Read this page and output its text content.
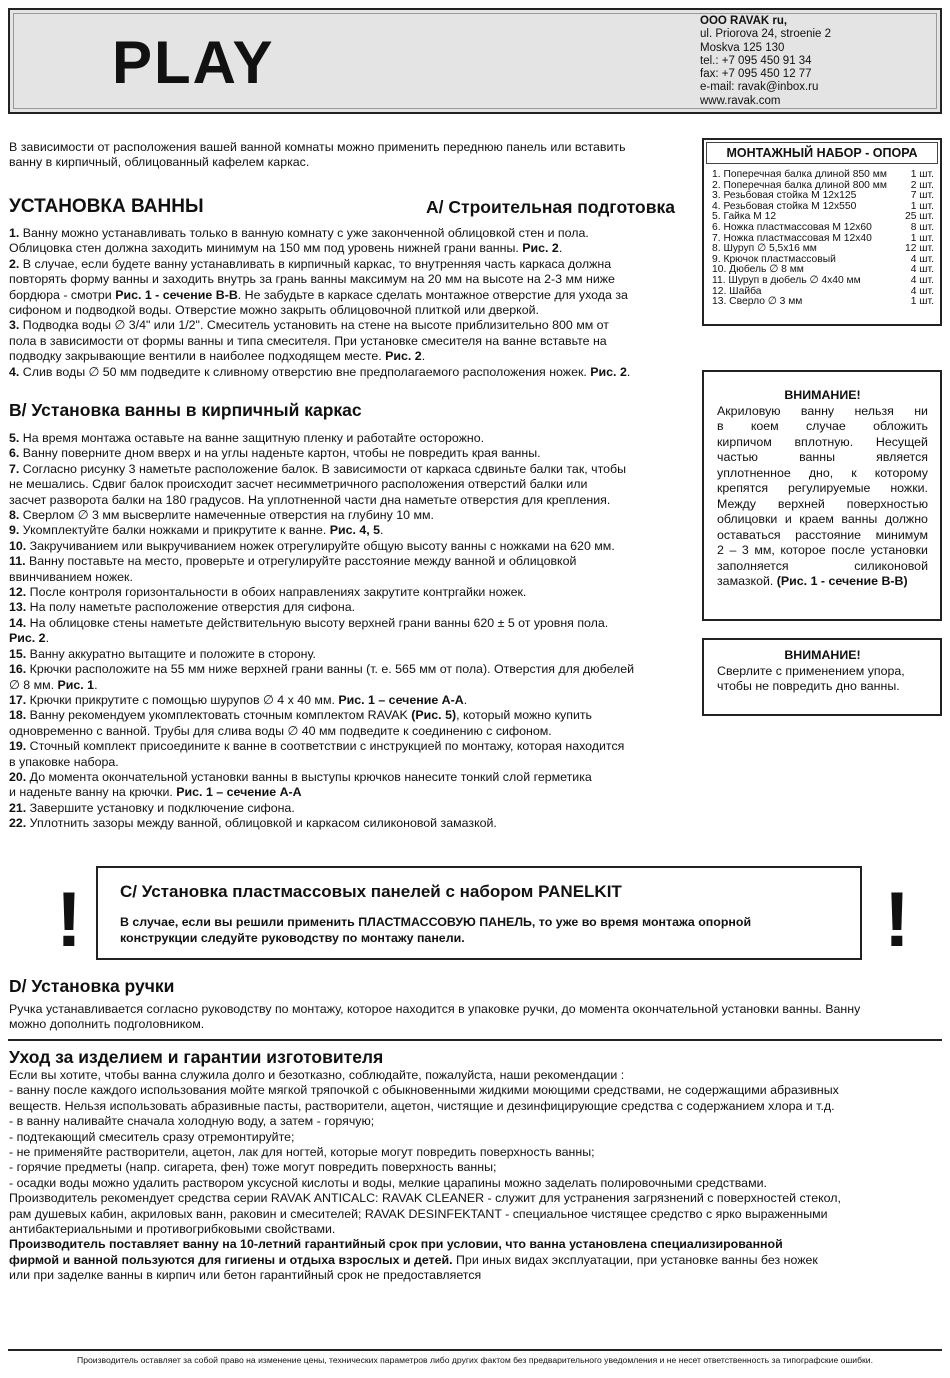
PLAY
OOO RAVAK ru,
ul. Priorova 24, stroenie 2
Moskva 125 130
tel.: +7 095 450 91 34
fax: +7 095 450 12 77
e-mail: ravak@inbox.ru
www.ravak.com
В зависимости от расположения вашей ванной комнаты можно применить переднюю панель или вставить
ванну в кирпичный, облицованный кафелем каркас.
УСТАНОВКА ВАННЫ	A/ Строительная подготовка
1. Ванну можно устанавливать только в ванную комнату с уже законченной облицовкой стен и пола.
Облицовка стен должна заходить минимум на 150 мм под уровень нижней грани ванны. Рис. 2.
2. В случае, если будете ванну устанавливать в кирпичный каркас, то внутренняя часть каркаса должна
повторять форму ванны и заходить внутрь за грань ванны максимум на 20 мм на высоте на 2-3 мм ниже
бордюра - смотри Рис. 1 - сечение В-В. Не забудьте в каркасе сделать монтажное отверстие для ухода за
сифоном и подводкой воды. Отверстие можно закрыть облицовочной плиткой или дверкой.
3. Подводка воды ∅ 3/4" или 1/2". Смеситель установить на стене на высоте приблизительно 800 мм от
пола в зависимости от формы ванны и типа смесителя. При установке смесителя на ванне вставьте на
подводку закрывающие вентили в наиболее подходящем месте. Рис. 2.
4. Слив воды ∅ 50 мм подведите к сливному отверстию вне предполагаемого расположения ножек. Рис. 2.
B/ Установка ванны в кирпичный каркас
5. На время монтажа оставьте на ванне защитную пленку и работайте осторожно.
6. Ванну поверните дном вверх и на углы наденьте картон, чтобы не повредить края ванны.
7. Согласно рисунку 3 наметьте расположение балок. В зависимости от каркаса сдвиньте балки так, чтобы
не мешались. Сдвиг балок происходит засчет несимметричного расположения отверстий балки или
засчет разворота балки на 180 градусов. На уплотненной части дна наметьте отверстия для крепления.
8. Сверлом ∅ 3 мм высверлите намеченные отверстия на глубину 10 мм.
9. Укомплектуйте балки ножками и прикрутите к ванне. Рис. 4, 5.
10. Закручиванием или выкручиванием ножек отрегулируйте общую высоту ванны с ножками на 620 мм.
11. Ванну поставьте на место, проверьте и отрегулируйте расстояние между ванной и облицовкой
ввинчиванием ножек.
12. После контроля горизонтальности в обоих направлениях закрутите контргайки ножек.
13. На полу наметьте расположение отверстия для сифона.
14. На облицовке стены наметьте действительную высоту верхней грани ванны 620 ± 5 от уровня пола.
Рис. 2.
15. Ванну аккуратно вытащите и положите в сторону.
16. Крючки расположите на 55 мм ниже верхней грани ванны (т. е. 565 мм от пола). Отверстия для дюбелей
∅ 8 мм. Рис. 1.
17. Крючки прикрутите с помощью шурупов ∅ 4 х 40 мм. Рис. 1 – сечение А-А.
18. Ванну рекомендуем укомплектовать сточным комплектом RAVAK (Рис. 5), который можно купить
одновременно с ванной. Трубы для слива воды ∅ 40 мм подведите к соединению с сифоном.
19. Сточный комплект присоедините к ванне в соответствии с инструкцией по монтажу, которая находится
в упаковке набора.
20. До момента окончательной установки ванны в выступы крючков нанесите тонкий слой герметика
и наденьте ванну на крючки. Рис. 1 – сечение А-А
21. Завершите установку и подключение сифона.
22. Уплотнить зазоры между ванной, облицовкой и каркасом силиконовой замазкой.
МОНТАЖНЫЙ НАБОР - ОПОРА
1. Поперечная балка длиной 850 мм 1 шт.
2. Поперечная балка длиной 800 мм 2 шт.
3. Резьбовая стойка М 12х125	7 шт.
4. Резьбовая стойка М 12х550	1 шт.
5. Гайка М 12	25 шт.
6. Ножка пластмассовая М 12х60	8 шт.
7. Ножка пластмассовая М 12х40	1 шт.
8. Шуруп ∅ 5,5х16 мм	12 шт.
9. Крючок пластмассовый	4 шт.
10. Дюбель ∅ 8 мм	4 шт.
11. Шуруп в дюбель ∅ 4х40 мм	4 шт.
12. Шайба	4 шт.
13. Сверло ∅ 3 мм	1 шт.
ВНИМАНИЕ!
Акриловую ванну нельзя ни
в коем случае обложить
кирпичом вплотную. Несущей
частью	ванны	является
уплотненное дно, к которому
крепятся регулируемые ножки.
Между верхней поверхностью
облицовки и краем ванны должно
оставаться расстояние минимум
2 – 3 мм, которое после установки
заполняется	силиконовой
замазкой. (Рис. 1 - сечение В-В)
ВНИМАНИЕ!
Сверлите с применением упора,
чтобы не повредить дно ванны.
!	!
C/ Установка пластмассовых панелей с набором PANELKIT
В случае, если вы решили применить ПЛАСТМАССОВУЮ ПАНЕЛЬ, то уже во время монтажа опорной
конструкции следуйте руководству по монтажу панели.
D/ Установка ручки
Ручка устанавливается согласно руководству по монтажу, которое находится в упаковке ручки, до момента окончательной установки ванны. Ванну
можно дополнить подголовником.
Уход за изделием и гарантии изготовителя
Если вы хотите, чтобы ванна служила долго и безотказно, соблюдайте, пожалуйста, наши рекомендации :
- ванну после каждого использования мойте мягкой тряпочкой с обыкновенными жидкими моющими средствами, не содержащими абразивных
веществ. Нельзя использовать абразивные пасты, растворители, ацетон, чистящие и дезинфицирующие средства с содержанием хлора и т.д.
- в ванну наливайте сначала холодную воду, а затем - горячую;
- подтекающий смеситель сразу отремонтируйте;
- не применяйте растворители, ацетон, лак для ногтей, которые могут повредить поверхность ванны;
- горячие предметы (напр. сигарета, фен) тоже могут повредить поверхность ванны;
- осадки воды можно удалить раствором уксусной кислоты и воды, мелкие царапины можно заделать полировочными средствами.
Производитель рекомендует средства серии RAVAK ANTICALC: RAVAK CLEANER - служит для устранения загрязнений с поверхностей стекол,
рам душевых кабин, акриловых ванн, раковин и смесителей; RAVAK DESINFEKTANT - специальное чистящее средство с ярко выраженными
антибактериальными и противогрибковыми свойствами.
Производитель поставляет ванну на 10-летний гарантийный срок при условии, что ванна установлена специализированной
фирмой и ванной пользуются для гигиены и отдыха взрослых и детей. При иных видах эксплуатации, при установке ванны без ножек
или при заделке ванны в кирпич или бетон гарантийный срок не предоставляется
Производитель оставляет за собой право на изменение цены, технических параметров либо других фактом без предварительного уведомления и не несет ответственность за типографские ошибки.
